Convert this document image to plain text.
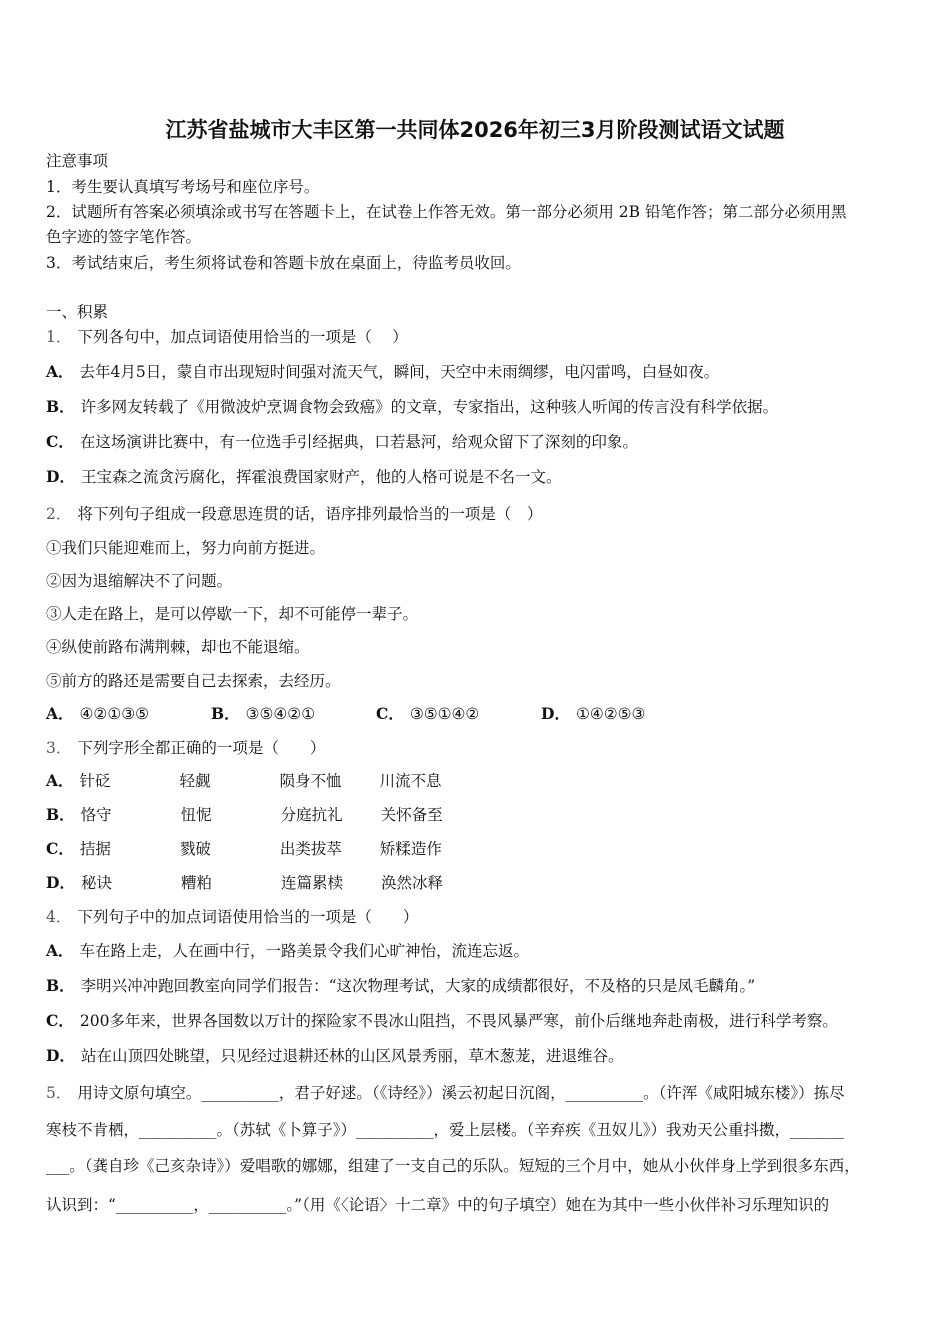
江苏省盐城市大丰区第一共同体2026年初三3月阶段测试语文试题
注意事项
1．考生要认真填写考场号和座位序号。
2．试题所有答案必须填涂或书写在答题卡上，在试卷上作答无效。第一部分必须用 2B 铅笔作答；第二部分必须用黑
色字迹的签字笔作答。
3．考试结束后，考生须将试卷和答题卡放在桌面上，待监考员收回。
一、积累
1． 下列各句中，加点词语使用恰当的一项是（　 ）
A． 去年4月5日，蒙自市出现短时间强对流天气，瞬间，天空中未雨绸缪，电闪雷鸣，白昼如夜。
B． 许多网友转载了《用微波炉烹调食物会致癌》的文章，专家指出，这种骇人听闻的传言没有科学依据。
C． 在这场演讲比赛中，有一位选手引经据典，口若悬河，给观众留下了深刻的印象。
D． 王宝森之流贪污腐化，挥霍浪费国家财产，他的人格可说是不名一文。
2． 将下列句子组成一段意思连贯的话，语序排列最恰当的一项是（　）
①我们只能迎难而上，努力向前方挺进。
②因为退缩解决不了问题。
③人走在路上，是可以停歇一下，却不可能停一辈子。
④纵使前路布满荆棘，却也不能退缩。
⑤前方的路还是需要自己去探索，去经历。
A． ④②①③⑤	B． ③⑤④②①	C． ③⑤①④②	D． ①④②⑤③
3． 下列字形全都正确的一项是（　　）
A． 针砭	轻觑	陨身不恤 川流不息
B． 恪守	忸怩	分庭抗礼 关怀备至
C． 拮据	戮破	出类拔萃 矫糅造作
D． 秘诀	糟粕	连篇累椟 涣然冰释
4． 下列句子中的加点词语使用恰当的一项是（　　）
A． 车在路上走，人在画中行，一路美景令我们心旷神怡，流连忘返。
B． 李明兴冲冲跑回教室向同学们报告：“这次物理考试，大家的成绩都很好，不及格的只是凤毛麟角。”
C． 200多年来，世界各国数以万计的探险家不畏冰山阻挡，不畏风暴严寒，前仆后继地奔赴南极，进行科学考察。
D． 站在山顶四处眺望，只见经过退耕还林的山区风景秀丽，草木葱茏，进退维谷。
5． 用诗文原句填空。__________，君子好逑。（《诗经》）溪云初起日沉阁，__________。（许浑《咸阳城东楼》）拣尽
寒枝不肯栖，__________。（苏轼《卜算子》）__________，爱上层楼。（辛弃疾《丑奴儿》）我劝天公重抖擞，_______
___。（龚自珍《己亥杂诗》）爱唱歌的娜娜，组建了一支自己的乐队。短短的三个月中，她从小伙伴身上学到很多东西，
认识到：“__________，__________。”（用《〈论语〉十二章》中的句子填空）她在为其中一些小伙伴补习乐理知识的
